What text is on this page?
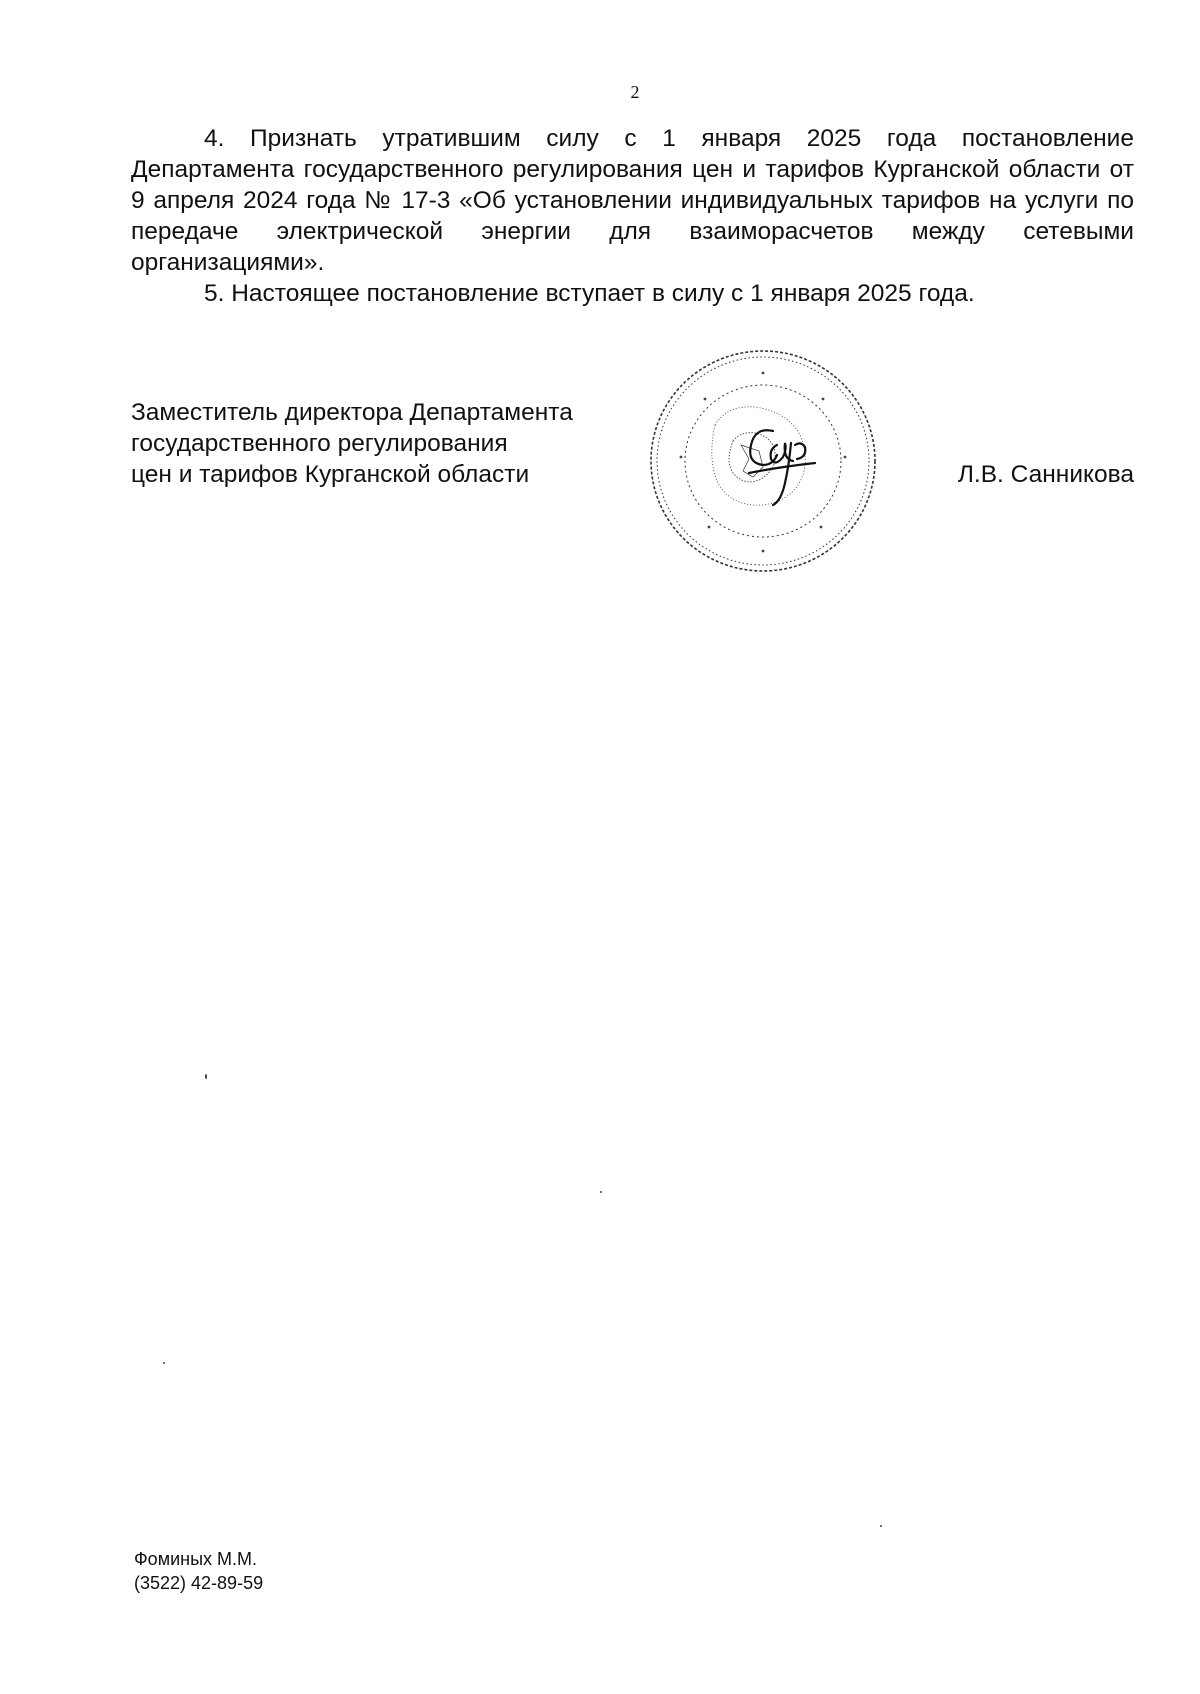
2

4. Признать утратившим силу с 1 января 2025 года постановление Департамента государственного регулирования цен и тарифов Курганской области от 9 апреля 2024 года № 17-3 «Об установлении индивидуальных тарифов на услуги по передаче электрической энергии для взаиморасчетов между сетевыми организациями».

5. Настоящее постановление вступает в силу с 1 января 2025 года.

Заместитель директора Департамента
государственного регулирования
цен и тарифов Курганской области	Л.В. Санникова
Фоминых М.М.
(3522) 42-89-59
